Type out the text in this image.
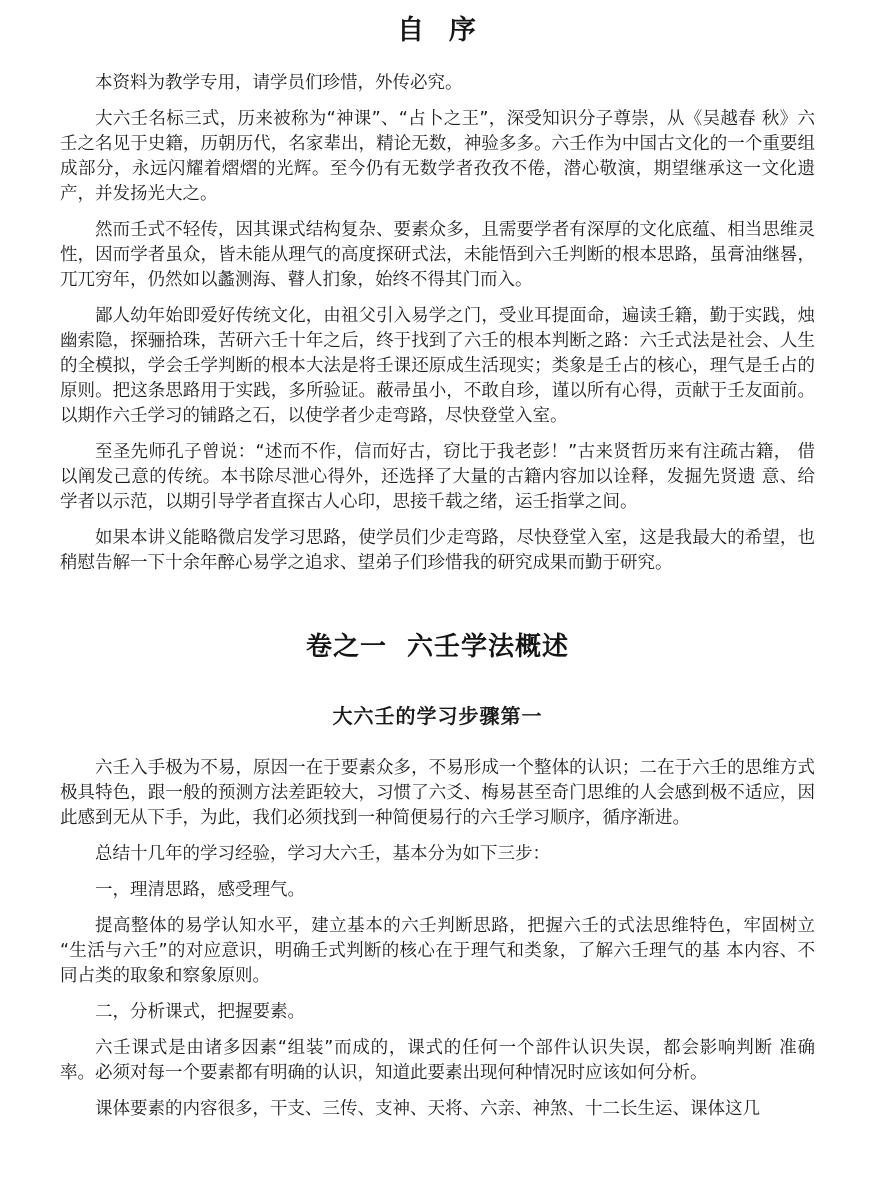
自  序

本资料为教学专用，请学员们珍惜，外传必究。

大六壬名标三式，历来被称为“神课”、“占卜之王”，深受知识分子尊崇，从《吴越春 秋》六壬之名见于史籍，历朝历代，名家辈出，精论无数，神验多多。六壬作为中国古文化的一个重要组成部分，永远闪耀着熠熠的光辉。至今仍有无数学者孜孜不倦，潜心敬演，期望继承这一文化遗产，并发扬光大之。

然而壬式不轻传，因其课式结构复杂、要素众多，且需要学者有深厚的文化底蕴、相当思维灵性，因而学者虽众，皆未能从理气的高度探研式法，未能悟到六壬判断的根本思路，虽膏油继晷，兀兀穷年，仍然如以蠡测海、瞽人扪象，始终不得其门而入。

鄙人幼年始即爱好传统文化，由祖父引入易学之门，受业耳提面命，遍读壬籍，勤于实践，烛幽索隐，探骊拾珠，苦研六壬十年之后，终于找到了六壬的根本判断之路：六壬式法是社会、人生的全模拟，学会壬学判断的根本大法是将壬课还原成生活现实；类象是壬占的核心，理气是壬占的原则。把这条思路用于实践，多所验证。蔽帚虽小，不敢自珍，谨以所有心得，贡献于壬友面前。以期作六壬学习的铺路之石，以使学者少走弯路，尽快登堂入室。

至圣先师孔子曾说：“述而不作，信而好古，窃比于我老彭！”古来贤哲历来有注疏古籍， 借以阐发己意的传统。本书除尽泄心得外，还选择了大量的古籍内容加以诠释，发掘先贤遗 意、给学者以示范，以期引导学者直探古人心印，思接千载之绪，运壬指掌之间。

如果本讲义能略微启发学习思路，使学员们少走弯路，尽快登堂入室，这是我最大的希望，也稍慰告解一下十余年醉心易学之追求、望弟子们珍惜我的研究成果而勤于研究。

卷之一  六壬学法概述
大六壬的学习步骤第一

六壬入手极为不易，原因一在于要素众多，不易形成一个整体的认识；二在于六壬的思维方式极具特色，跟一般的预测方法差距较大，习惯了六爻、梅易甚至奇门思维的人会感到极不适应，因此感到无从下手，为此，我们必须找到一种简便易行的六壬学习顺序，循序渐进。

总结十几年的学习经验，学习大六壬，基本分为如下三步：

一，理清思路，感受理气。

提高整体的易学认知水平，建立基本的六壬判断思路，把握六壬的式法思维特色，牢固树立“生活与六壬”的对应意识，明确壬式判断的核心在于理气和类象，了解六壬理气的基 本内容、不同占类的取象和察象原则。

二，分析课式，把握要素。

六壬课式是由诸多因素“组装”而成的，课式的任何一个部件认识失误，都会影响判断 准确率。必须对每一个要素都有明确的认识，知道此要素出现何种情况时应该如何分析。

课体要素的内容很多，干支、三传、支神、天将、六亲、神煞、十二长生运、课体这几
